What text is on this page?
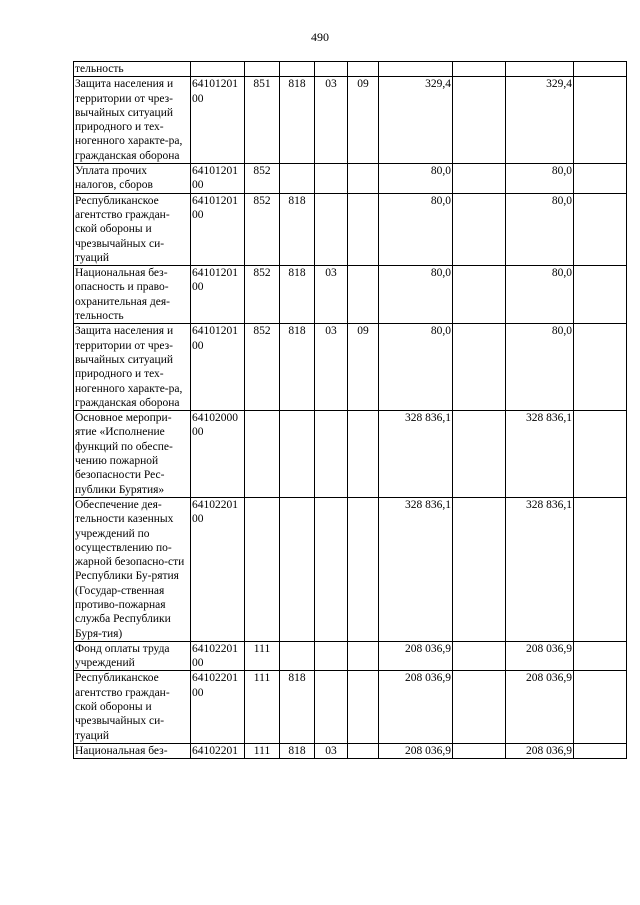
490
тельность									
Защита населения и территории от чрез-вычайных ситуаций природного и тех-ногенного характе-ра, гражданская оборона	6410120100	851	818	03	09	329,4		329,4	
Уплата прочих налогов, сборов	6410120100	852				80,0		80,0	
Республиканское агентство граждан-ской обороны и чрезвычайных си-туаций	6410120100	852	818			80,0		80,0	
Национальная без-опасность и право-охранительная дея-тельность	6410120100	852	818	03		80,0		80,0	
Защита населения и территории от чрез-вычайных ситуаций природного и тех-ногенного характе-ра, гражданская оборона	6410120100	852	818	03	09	80,0		80,0	
Основное меропри-ятие «Исполнение функций по обеспе-чению пожарной безопасности Рес-публики Бурятия»	6410200000					328 836,1		328 836,1	
Обеспечение дея-тельности казенных учреждений по осуществлению по-жарной безопасно-сти Республики Бу-рятия (Государ-ственная противо-пожарная служба Республики Буря-тия)	6410220100					328 836,1		328 836,1	
Фонд оплаты труда учреждений	6410220100	111				208 036,9		208 036,9	
Республиканское агентство граждан-ской обороны и чрезвычайных си-туаций	6410220100	111	818			208 036,9		208 036,9	
Национальная без-	64102201	111	818	03		208 036,9		208 036,9	
